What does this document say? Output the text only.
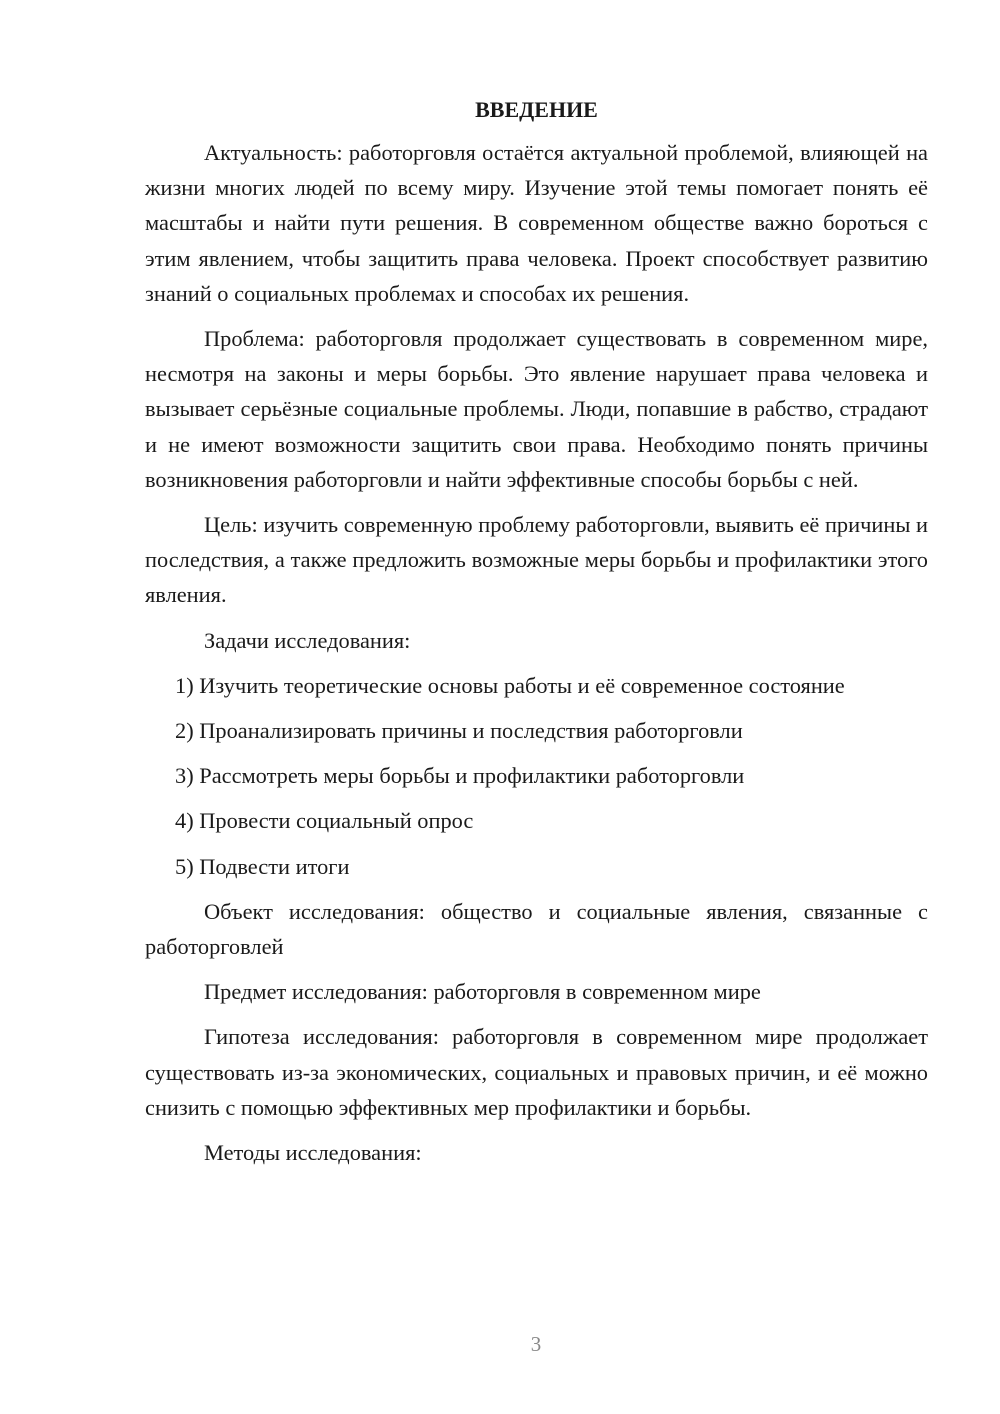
ВВЕДЕНИЕ

Актуальность: работорговля остаётся актуальной проблемой, влияющей на жизни многих людей по всему миру. Изучение этой темы помогает понять её масштабы и найти пути решения. В современном обществе важно бороться с этим явлением, чтобы защитить права человека. Проект способствует развитию знаний о социальных проблемах и способах их решения.

Проблема: работорговля продолжает существовать в современном мире, несмотря на законы и меры борьбы. Это явление нарушает права человека и вызывает серьёзные социальные проблемы. Люди, попавшие в рабство, страдают и не имеют возможности защитить свои права. Необходимо понять причины возникновения работорговли и найти эффективные способы борьбы с ней.

Цель: изучить современную проблему работорговли, выявить её причины и последствия, а также предложить возможные меры борьбы и профилактики этого явления.

Задачи исследования:

1) Изучить теоретические основы работы и её современное состояние

2) Проанализировать причины и последствия работорговли

3) Рассмотреть меры борьбы и профилактики работорговли

4) Провести социальный опрос

5) Подвести итоги

Объект исследования: общество и социальные явления, связанные с работорговлей

Предмет исследования: работорговля в современном мире

Гипотеза исследования: работорговля в современном мире продолжает существовать из-за экономических, социальных и правовых причин, и её можно снизить с помощью эффективных мер профилактики и борьбы.

Методы исследования:

3
